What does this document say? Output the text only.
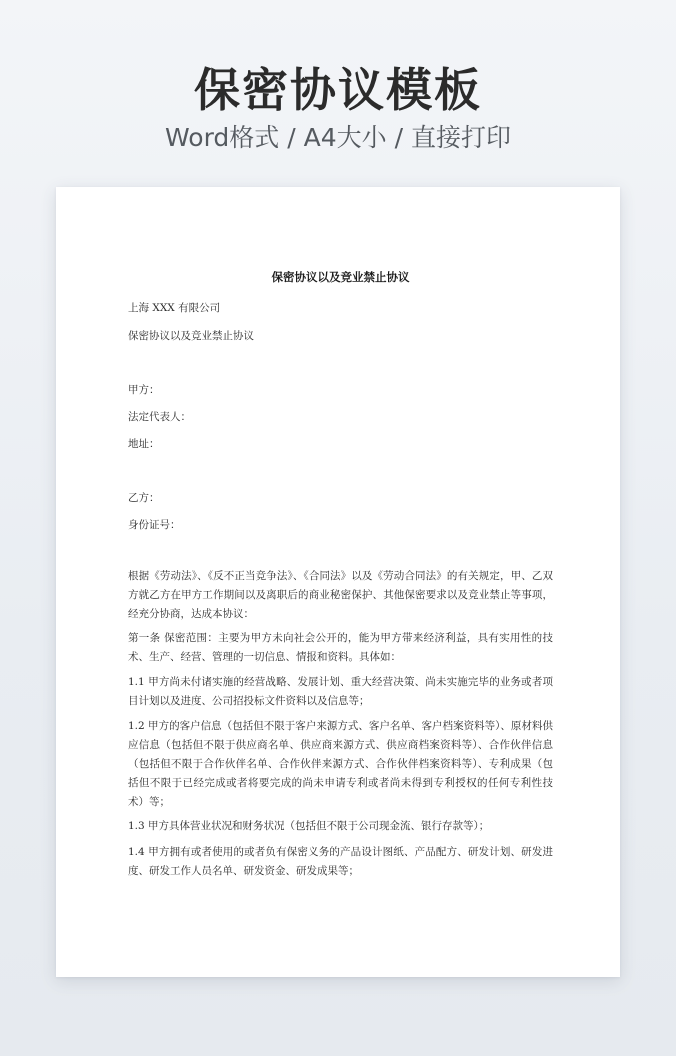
保密协议模板
Word格式 / A4大小 / 直接打印
保密协议以及竞业禁止协议
上海 XXX 有限公司
保密协议以及竞业禁止协议
甲方：
法定代表人：
地址：
乙方：
身份证号：
根据《劳动法》、《反不正当竞争法》、《合同法》以及《劳动合同法》的有关规定，甲、乙双方就乙方在甲方工作期间以及离职后的商业秘密保护、其他保密要求以及竞业禁止等事项，经充分协商，达成本协议：
第一条 保密范围：主要为甲方未向社会公开的，能为甲方带来经济利益，具有实用性的技术、生产、经营、管理的一切信息、情报和资料。具体如：
1.1 甲方尚未付诸实施的经营战略、发展计划、重大经营决策、尚未实施完毕的业务或者项目计划以及进度、公司招投标文件资料以及信息等；
1.2 甲方的客户信息（包括但不限于客户来源方式、客户名单、客户档案资料等）、原材料供应信息（包括但不限于供应商名单、供应商来源方式、供应商档案资料等）、合作伙伴信息（包括但不限于合作伙伴名单、合作伙伴来源方式、合作伙伴档案资料等）、专利成果（包括但不限于已经完成或者将要完成的尚未申请专利或者尚未得到专利授权的任何专利性技术）等；
1.3 甲方具体营业状况和财务状况（包括但不限于公司现金流、银行存款等）；
1.4 甲方拥有或者使用的或者负有保密义务的产品设计图纸、产品配方、研发计划、研发进度、研发工作人员名单、研发资金、研发成果等；
